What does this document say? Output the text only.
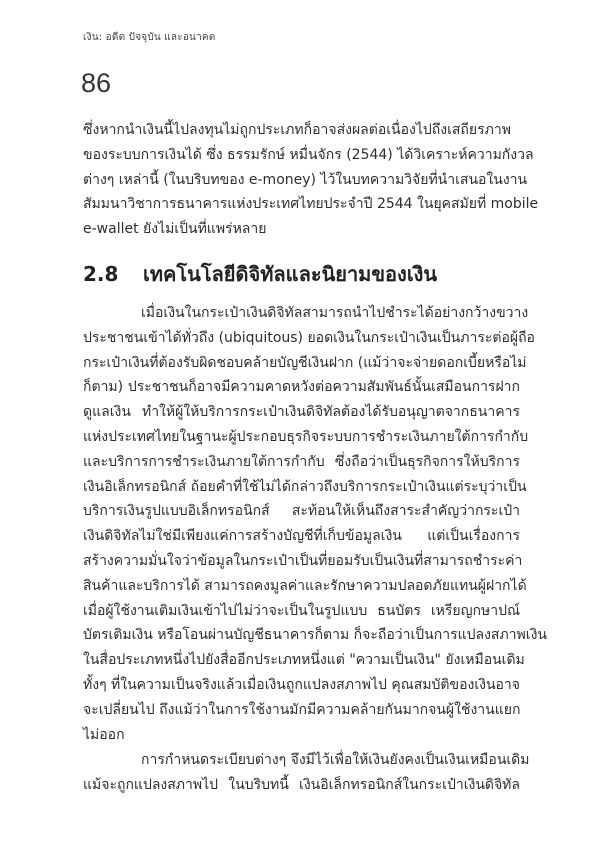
เงิน: อดีต ปัจจุบัน และอนาคต
86
ซึ่งหากนำเงินนี้ไปลงทุนไม่ถูกประเภทก็อาจส่งผลต่อเนื่องไปถึงเสถียรภาพ
ของระบบการเงินได้ ซึ่ง ธรรมรักษ์ หมื่นจักร (2544) ได้วิเคราะห์ความกังวล
ต่างๆ เหล่านี้ (ในบริบทของ e-money) ไว้ในบทความวิจัยที่นำเสนอในงาน
สัมมนาวิชาการธนาคารแห่งประเทศไทยประจำปี 2544 ในยุคสมัยที่ mobile
e-wallet ยังไม่เป็นที่แพร่หลาย
2.8 เทคโนโลยีดิจิทัลและนิยามของเงิน
เมื่อเงินในกระเป๋าเงินดิจิทัลสามารถนำไปชำระได้อย่างกว้างขวาง
ประชาชนเข้าได้ทั่วถึง (ubiquitous) ยอดเงินในกระเป๋าเงินเป็นภาระต่อผู้ถือ
กระเป๋าเงินที่ต้องรับผิดชอบคล้ายบัญชีเงินฝาก (แม้ว่าจะจ่ายดอกเบี้ยหรือไม่
ก็ตาม) ประชาชนก็อาจมีความคาดหวังต่อความสัมพันธ์นั้นเสมือนการฝาก
ดูแลเงิน ทำให้ผู้ให้บริการกระเป๋าเงินดิจิทัลต้องได้รับอนุญาตจากธนาคาร
แห่งประเทศไทยในฐานะผู้ประกอบธุรกิจระบบการชำระเงินภายใต้การกำกับ
และบริการการชำระเงินภายใต้การกำกับ ซึ่งถือว่าเป็นธุรกิจการให้บริการ
เงินอิเล็กทรอนิกส์ ถ้อยคำที่ใช้ไม่ได้กล่าวถึงบริการกระเป๋าเงินแต่ระบุว่าเป็น
บริการเงินรูปแบบอิเล็กทรอนิกส์ สะท้อนให้เห็นถึงสาระสำคัญว่ากระเป๋า
เงินดิจิทัลไม่ใช่มีเพียงแค่การสร้างบัญชีที่เก็บข้อมูลเงิน แต่เป็นเรื่องการ
สร้างความมั่นใจว่าข้อมูลในกระเป๋าเป็นที่ยอมรับเป็นเงินที่สามารถชำระค่า
สินค้าและบริการได้ สามารถคงมูลค่าและรักษาความปลอดภัยแทนผู้ฝากได้
เมื่อผู้ใช้งานเติมเงินเข้าไปไม่ว่าจะเป็นในรูปแบบ ธนบัตร เหรียญกษาปณ์
บัตรเติมเงิน หรือโอนผ่านบัญชีธนาคารก็ตาม ก็จะถือว่าเป็นการแปลงสภาพเงิน
ในสื่อประเภทหนึ่งไปยังสื่ออีกประเภทหนึ่งแต่ "ความเป็นเงิน" ยังเหมือนเดิม
ทั้งๆ ที่ในความเป็นจริงแล้วเมื่อเงินถูกแปลงสภาพไป คุณสมบัติของเงินอาจ
จะเปลี่ยนไป ถึงแม้ว่าในการใช้งานมักมีความคล้ายกันมากจนผู้ใช้งานแยก
ไม่ออก
การกำหนดระเบียบต่างๆ จึงมีไว้เพื่อให้เงินยังคงเป็นเงินเหมือนเดิม
แม้จะถูกแปลงสภาพไป ในบริบทนี้ เงินอิเล็กทรอนิกส์ในกระเป๋าเงินดิจิทัล
